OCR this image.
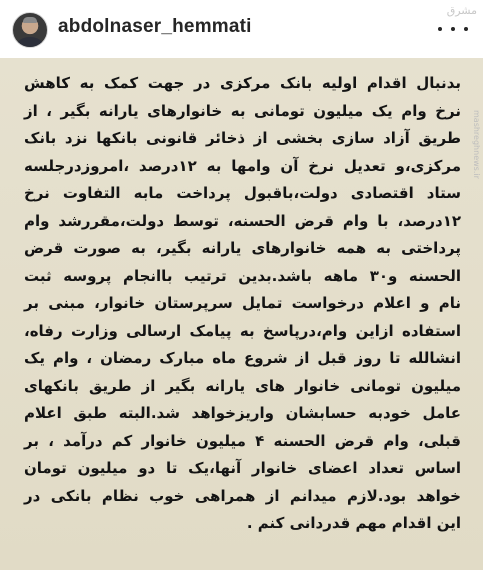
abdolnaser_hemmati
مشرق
mashreghnews.ir
بدنبال اقدام اولیه بانک مرکزی در جهت کمک به کاهش
نرخ وام یک میلیون تومانی به خانوارهای یارانه بگیر ، از
طریق آزاد سازی بخشی از ذخائر قانونی بانکها نزد بانک
مرکزی،و تعدیل نرخ آن وامها به ۱۲درصد ،امروزدرجلسه
ستاد اقتصادی دولت،باقبول پرداخت مابه التفاوت نرخ
۱۲درصد، با وام قرض الحسنه، توسط دولت،مقررشد وام
پرداختی به همه خانوارهای یارانه بگیر، به صورت قرض
الحسنه و۳۰ ماهه باشد.بدین ترتیب باانجام پروسه ثبت
نام و اعلام درخواست تمایل سرپرستان خانوار، مبنی بر
استفاده ازاین وام،درپاسخ به پیامک ارسالی وزارت رفاه،
انشالله تا روز قبل از شروع ماه مبارک رمضان ، وام یک
میلیون تومانی خانوار های یارانه بگیر از طریق بانکهای
عامل خودبه حسابشان واریزخواهد شد.البته طبق اعلام
قبلی، وام قرض الحسنه ۴ میلیون خانوار کم درآمد ، بر
اساس تعداد اعضای خانوار آنها،یک تا دو میلیون تومان
خواهد بود.لازم میدانم از همراهی خوب نظام بانکی در
این اقدام مهم قدردانی کنم .
